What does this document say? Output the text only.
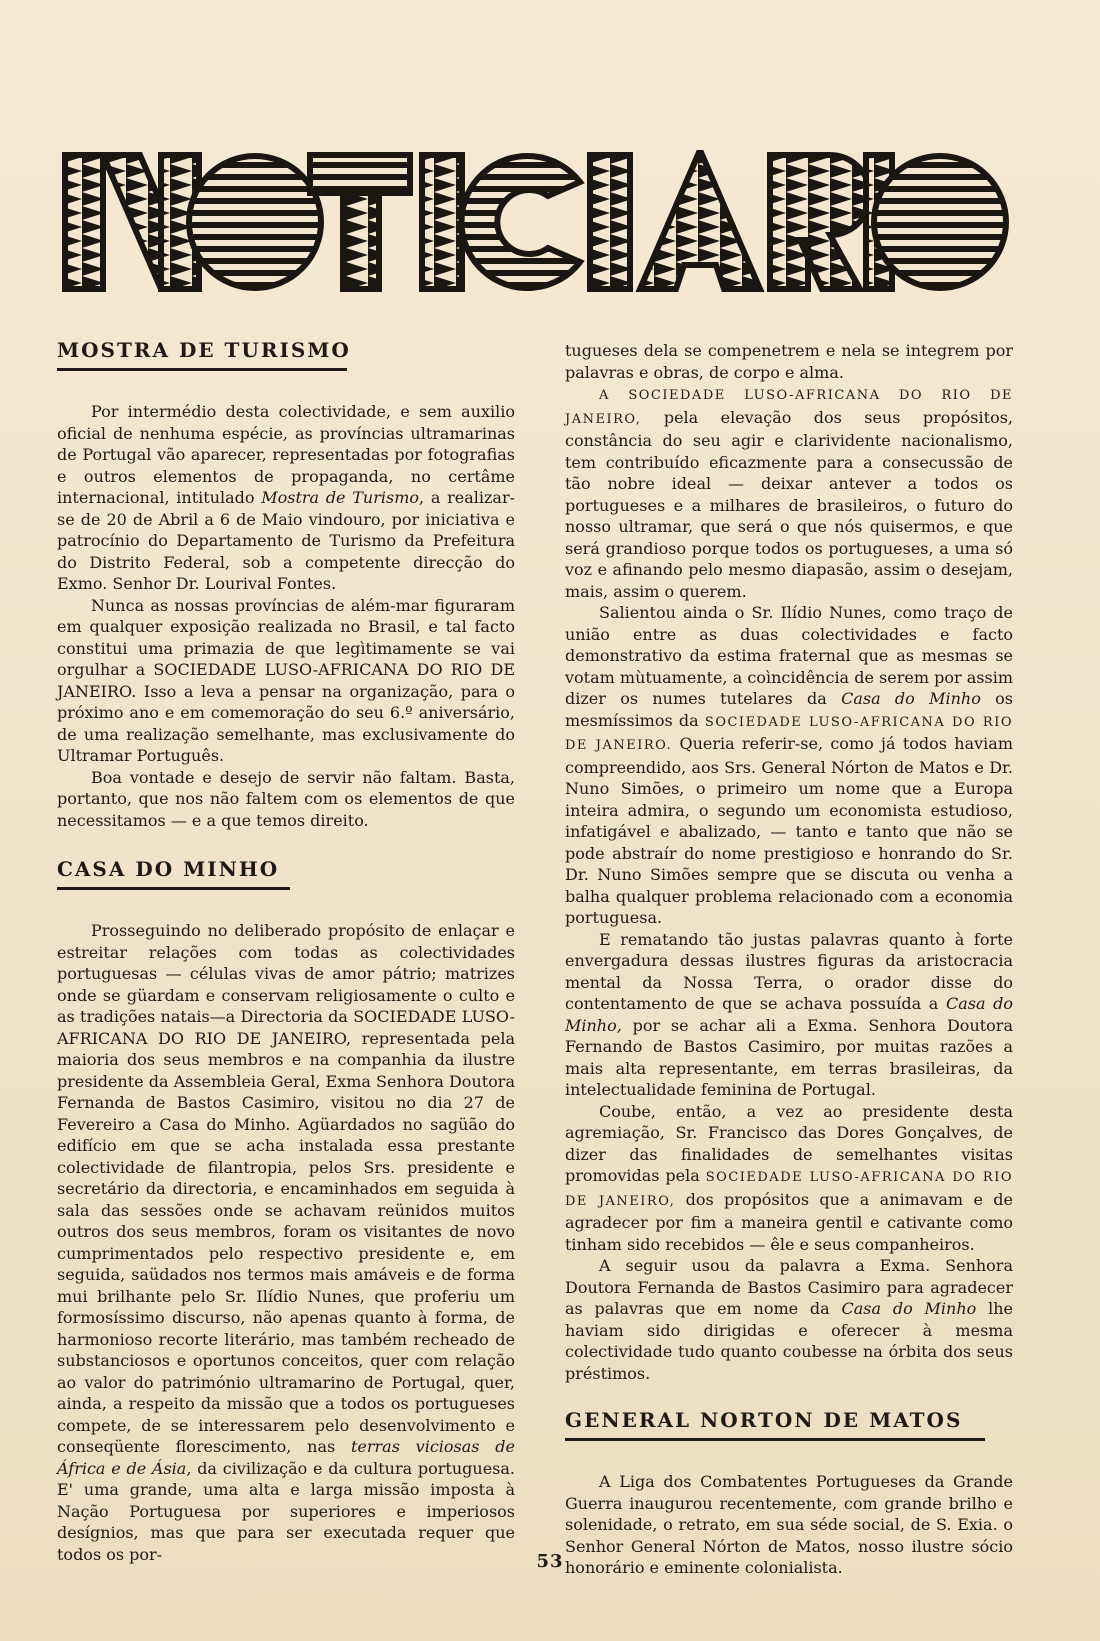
MOSTRA DE TURISMO

Por intermédio desta colectividade, e sem auxilio oficial de nenhuma espécie, as províncias ultramarinas de Portugal vão aparecer, representadas por fotografias e outros elementos de propaganda, no certâme internacional, intitulado Mostra de Turismo, a realizar-se de 20 de Abril a 6 de Maio vindouro, por iniciativa e patrocínio do Departamento de Turismo da Prefeitura do Distrito Federal, sob a competente direcção do Exmo. Senhor Dr. Lourival Fontes.

Nunca as nossas províncias de além-mar figuraram em qualquer exposição realizada no Brasil, e tal facto constitui uma primazia de que legìtimamente se vai orgulhar a SOCIEDADE LUSO-AFRICANA DO RIO DE JANEIRO. Isso a leva a pensar na organização, para o próximo ano e em comemoração do seu 6.º aniversário, de uma realização semelhante, mas exclusivamente do Ultramar Português.

Boa vontade e desejo de servir não faltam. Basta, portanto, que nos não faltem com os elementos de que necessitamos — e a que temos direito.

CASA DO MINHO

Prosseguindo no deliberado propósito de enlaçar e estreitar relações com todas as colectividades portuguesas — células vivas de amor pátrio; matrizes onde se güardam e conservam religiosamente o culto e as tradições natais—a Directoria da SOCIEDADE LUSO-AFRICANA DO RIO DE JANEIRO, representada pela maioria dos seus membros e na companhia da ilustre presidente da Assembleia Geral, Exma Senhora Doutora Fernanda de Bastos Casimiro, visitou no dia 27 de Fevereiro a Casa do Minho. Agüardados no sagüão do edifício em que se acha instalada essa prestante colectividade de filantropia, pelos Srs. presidente e secretário da directoria, e encaminhados em seguida à sala das sessões onde se achavam reünidos muitos outros dos seus membros, foram os visitantes de novo cumprimentados pelo respectivo presidente e, em seguida, saüdados nos termos mais amáveis e de forma mui brilhante pelo Sr. Ilídio Nunes, que proferiu um formosíssimo discurso, não apenas quanto à forma, de harmonioso recorte literário, mas também recheado de substanciosos e oportunos conceitos, quer com relação ao valor do património ultramarino de Portugal, quer, ainda, a respeito da missão que a todos os portugueses compete, de se interessarem pelo desenvolvimento e conseqüente florescimento, nas terras viciosas de África e de Ásia, da civilização e da cultura portuguesa. E' uma grande, uma alta e larga missão imposta à Nação Portuguesa por superiores e imperiosos desígnios, mas que para ser executada requer que todos os por-

tugueses dela se compenetrem e nela se integrem por palavras e obras, de corpo e alma.

A SOCIEDADE LUSO-AFRICANA DO RIO DE JANEIRO, pela elevação dos seus propósitos, constância do seu agir e clarividente nacionalismo, tem contribuído eficazmente para a consecussão de tão nobre ideal — deixar antever a todos os portugueses e a milhares de brasileiros, o futuro do nosso ultramar, que será o que nós quisermos, e que será grandioso porque todos os portugueses, a uma só voz e afinando pelo mesmo diapasão, assim o desejam, mais, assim o querem.

Salientou ainda o Sr. Ilídio Nunes, como traço de união entre as duas colectividades e facto demonstrativo da estima fraternal que as mesmas se votam mùtuamente, a coìncidência de serem por assim dizer os numes tutelares da Casa do Minho os mesmíssimos da SOCIEDADE LUSO-AFRICANA DO RIO DE JANEIRO. Queria referir-se, como já todos haviam compreendido, aos Srs. General Nórton de Matos e Dr. Nuno Simões, o primeiro um nome que a Europa inteira admira, o segundo um economista estudioso, infatigável e abalizado, — tanto e tanto que não se pode abstraír do nome prestigioso e honrando do Sr. Dr. Nuno Simões sempre que se discuta ou venha a balha qualquer problema relacionado com a economia portuguesa.

E rematando tão justas palavras quanto à forte envergadura dessas ilustres figuras da aristocracia mental da Nossa Terra, o orador disse do contentamento de que se achava possuída a Casa do Minho, por se achar ali a Exma. Senhora Doutora Fernando de Bastos Casimiro, por muitas razões a mais alta representante, em terras brasileiras, da intelectualidade feminina de Portugal.

Coube, então, a vez ao presidente desta agremiação, Sr. Francisco das Dores Gonçalves, de dizer das finalidades de semelhantes visitas promovidas pela SOCIEDADE LUSO-AFRICANA DO RIO DE JANEIRO, dos propósitos que a animavam e de agradecer por fim a maneira gentil e cativante como tinham sido recebidos — êle e seus companheiros.

A seguir usou da palavra a Exma. Senhora Doutora Fernanda de Bastos Casimiro para agradecer as palavras que em nome da Casa do Minho lhe haviam sido dirigidas e oferecer à mesma colectividade tudo quanto coubesse na órbita dos seus préstimos.

GENERAL NORTON DE MATOS

A Liga dos Combatentes Portugueses da Grande Guerra inaugurou recentemente, com grande brilho e solenidade, o retrato, em sua séde social, de S. Exia. o Senhor General Nórton de Matos, nosso ilustre sócio honorário e eminente colonialista.

53
